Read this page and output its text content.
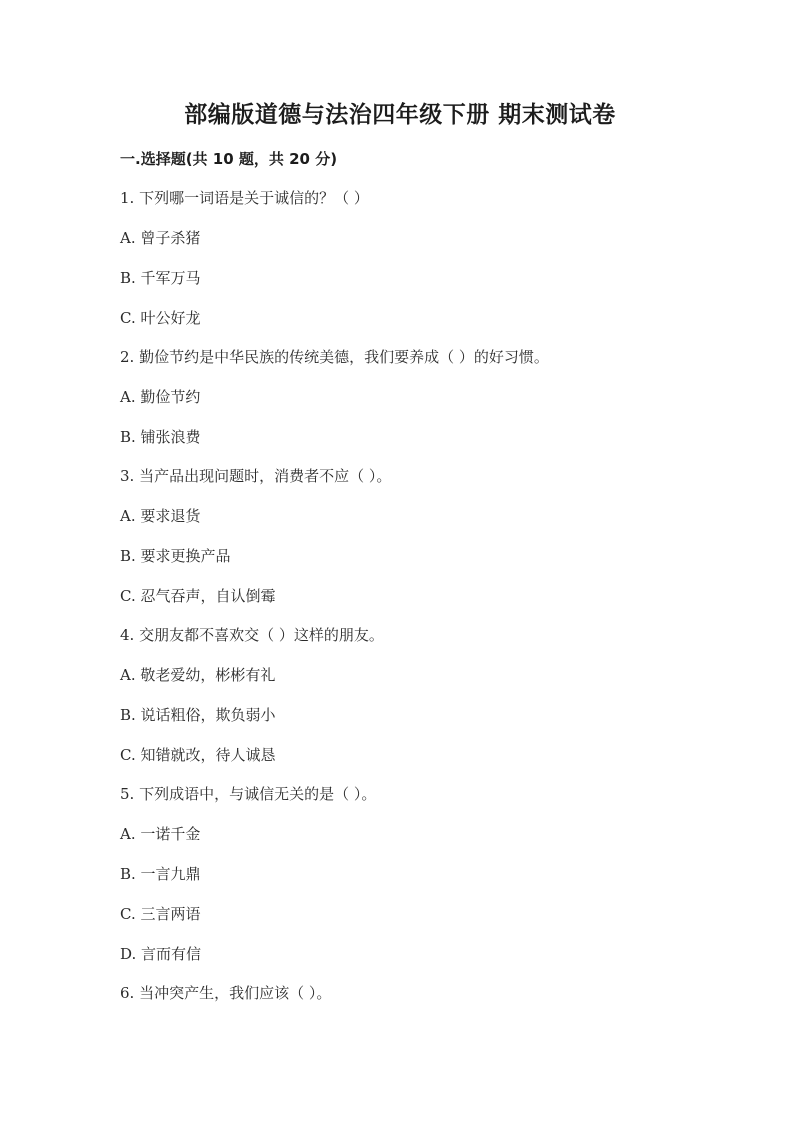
部编版道德与法治四年级下册 期末测试卷
一.选择题(共 10 题，共 20 分)
1. 下列哪一词语是关于诚信的？（ ）
A. 曾子杀猪
B. 千军万马
C. 叶公好龙
2. 勤俭节约是中华民族的传统美德，我们要养成（ ）的好习惯。
A. 勤俭节约
B. 铺张浪费
3. 当产品出现问题时，消费者不应（ ）。
A. 要求退货
B. 要求更换产品
C. 忍气吞声，自认倒霉
4. 交朋友都不喜欢交（ ）这样的朋友。
A. 敬老爱幼，彬彬有礼
B. 说话粗俗，欺负弱小
C. 知错就改，待人诚恳
5. 下列成语中，与诚信无关的是（ ）。
A. 一诺千金
B. 一言九鼎
C. 三言两语
D. 言而有信
6. 当冲突产生，我们应该（ ）。
